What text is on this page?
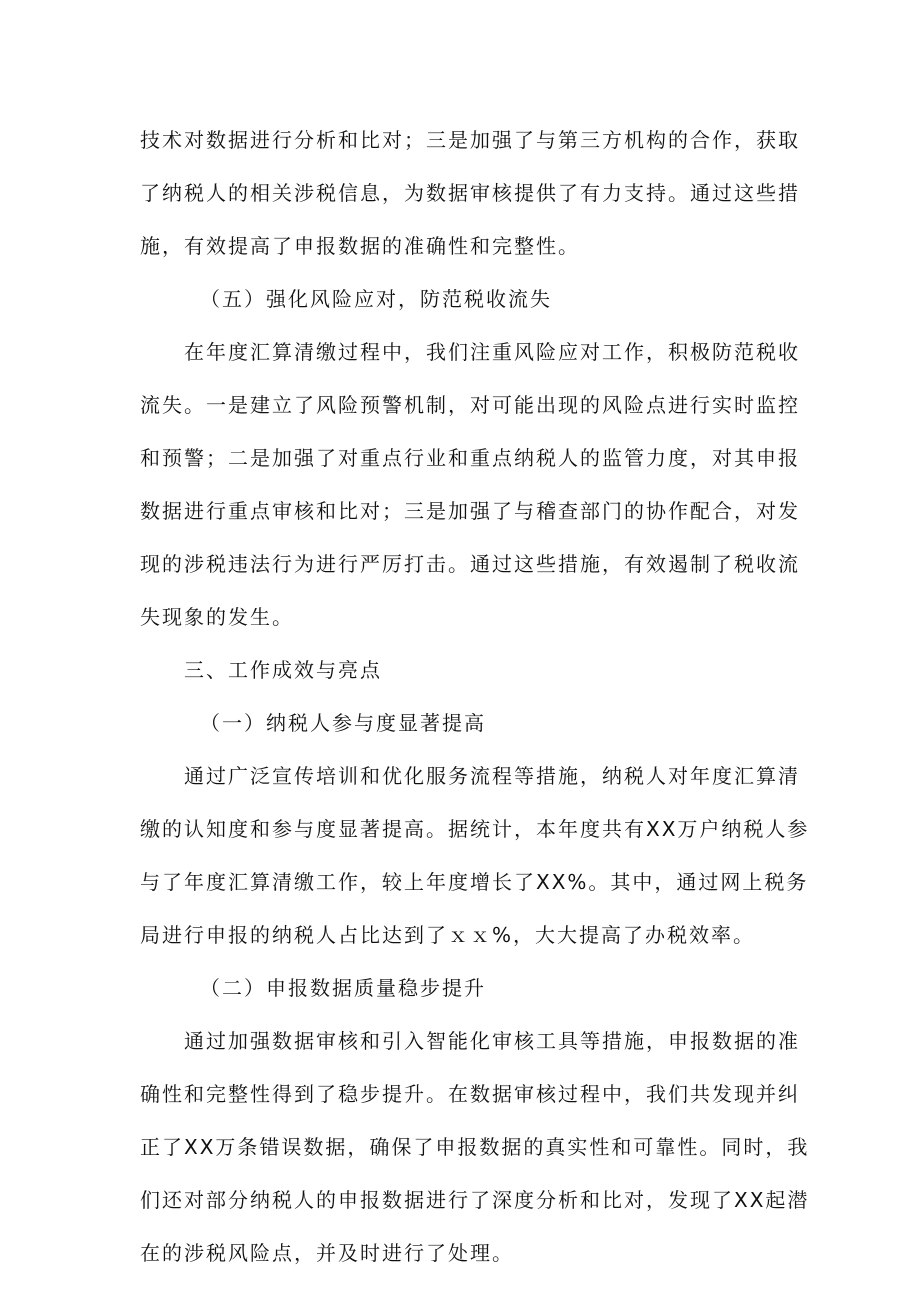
技术对数据进行分析和比对；三是加强了与第三方机构的合作，获取
了纳税人的相关涉税信息，为数据审核提供了有力支持。通过这些措
施，有效提高了申报数据的准确性和完整性。
（五）强化风险应对，防范税收流失
在年度汇算清缴过程中，我们注重风险应对工作，积极防范税收
流失。一是建立了风险预警机制，对可能出现的风险点进行实时监控
和预警；二是加强了对重点行业和重点纳税人的监管力度，对其申报
数据进行重点审核和比对；三是加强了与稽查部门的协作配合，对发
现的涉税违法行为进行严厉打击。通过这些措施，有效遏制了税收流
失现象的发生。
三、工作成效与亮点
（一）纳税人参与度显著提高
通过广泛宣传培训和优化服务流程等措施，纳税人对年度汇算清
缴的认知度和参与度显著提高。据统计，本年度共有XX万户纳税人参
与了年度汇算清缴工作，较上年度增长了XX%。其中，通过网上税务
局进行申报的纳税人占比达到了ｘｘ%，大大提高了办税效率。
（二）申报数据质量稳步提升
通过加强数据审核和引入智能化审核工具等措施，申报数据的准
确性和完整性得到了稳步提升。在数据审核过程中，我们共发现并纠
正了XX万条错误数据，确保了申报数据的真实性和可靠性。同时，我
们还对部分纳税人的申报数据进行了深度分析和比对，发现了XX起潜
在的涉税风险点，并及时进行了处理。
